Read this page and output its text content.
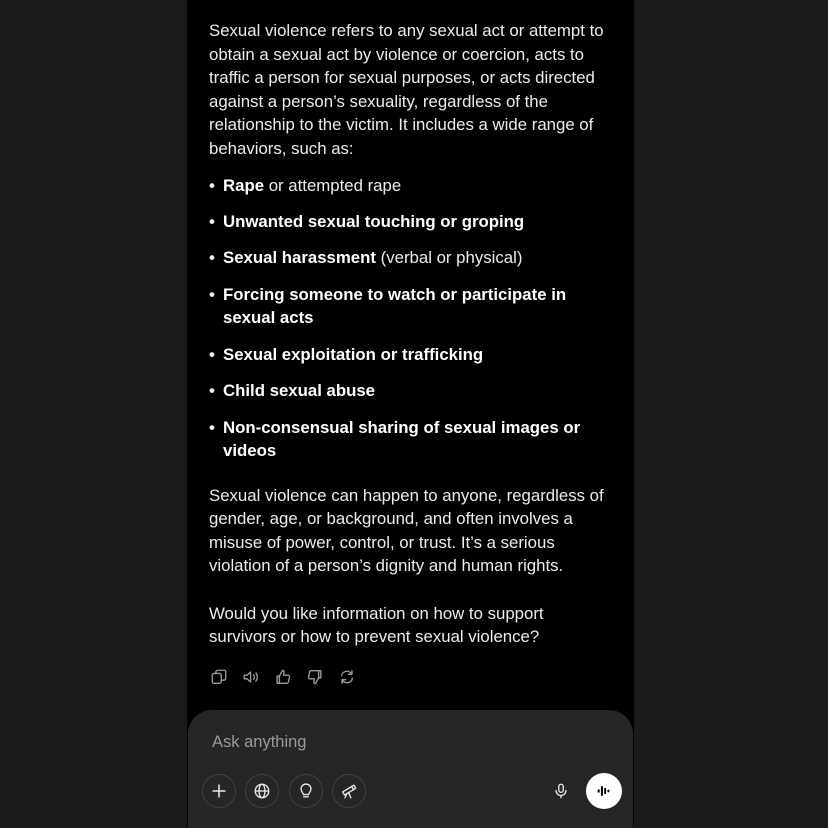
Sexual violence refers to any sexual act or attempt to obtain a sexual act by violence or coercion, acts to traffic a person for sexual purposes, or acts directed against a person’s sexuality, regardless of the relationship to the victim. It includes a wide range of behaviors, such as:

• Rape or attempted rape
• Unwanted sexual touching or groping
• Sexual harassment (verbal or physical)
• Forcing someone to watch or participate in sexual acts
• Sexual exploitation or trafficking
• Child sexual abuse
• Non-consensual sharing of sexual images or videos

Sexual violence can happen to anyone, regardless of gender, age, or background, and often involves a misuse of power, control, or trust. It’s a serious violation of a person’s dignity and human rights.

Would you like information on how to support survivors or how to prevent sexual violence?

Ask anything
